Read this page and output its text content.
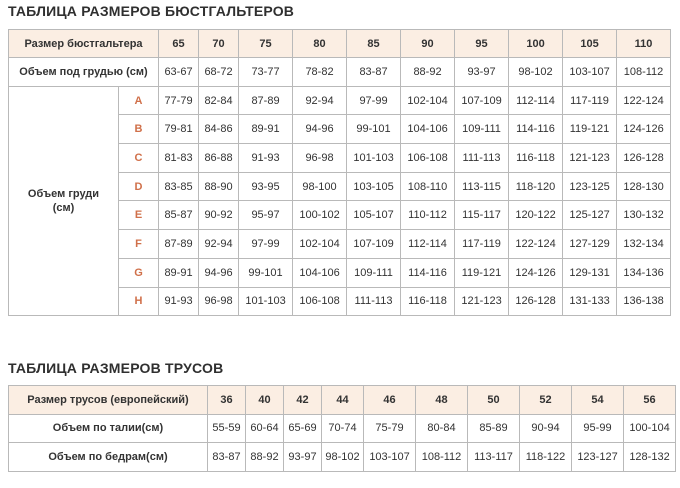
ТАБЛИЦА РАЗМЕРОВ БЮСТГАЛЬТЕРОВ
Размер бюстгальтера		65	70	75	80	85	90	95	100	105	110
Объем под грудью (см)		63-67	68-72	73-77	78-82	83-87	88-92	93-97	98-102	103-107	108-112
Объем груди (см)	A	77-79	82-84	87-89	92-94	97-99	102-104	107-109	112-114	117-119	122-124
	B	79-81	84-86	89-91	94-96	99-101	104-106	109-111	114-116	119-121	124-126
	C	81-83	86-88	91-93	96-98	101-103	106-108	111-113	116-118	121-123	126-128
	D	83-85	88-90	93-95	98-100	103-105	108-110	113-115	118-120	123-125	128-130
	E	85-87	90-92	95-97	100-102	105-107	110-112	115-117	120-122	125-127	130-132
	F	87-89	92-94	97-99	102-104	107-109	112-114	117-119	122-124	127-129	132-134
	G	89-91	94-96	99-101	104-106	109-111	114-116	119-121	124-126	129-131	134-136
	H	91-93	96-98	101-103	106-108	111-113	116-118	121-123	126-128	131-133	136-138
ТАБЛИЦА РАЗМЕРОВ ТРУСОВ
Размер трусов (европейский)	36	40	42	44	46	48	50	52	54	56
Объем по талии(см)	55-59	60-64	65-69	70-74	75-79	80-84	85-89	90-94	95-99	100-104
Объем по бедрам(см)	83-87	88-92	93-97	98-102	103-107	108-112	113-117	118-122	123-127	128-132
